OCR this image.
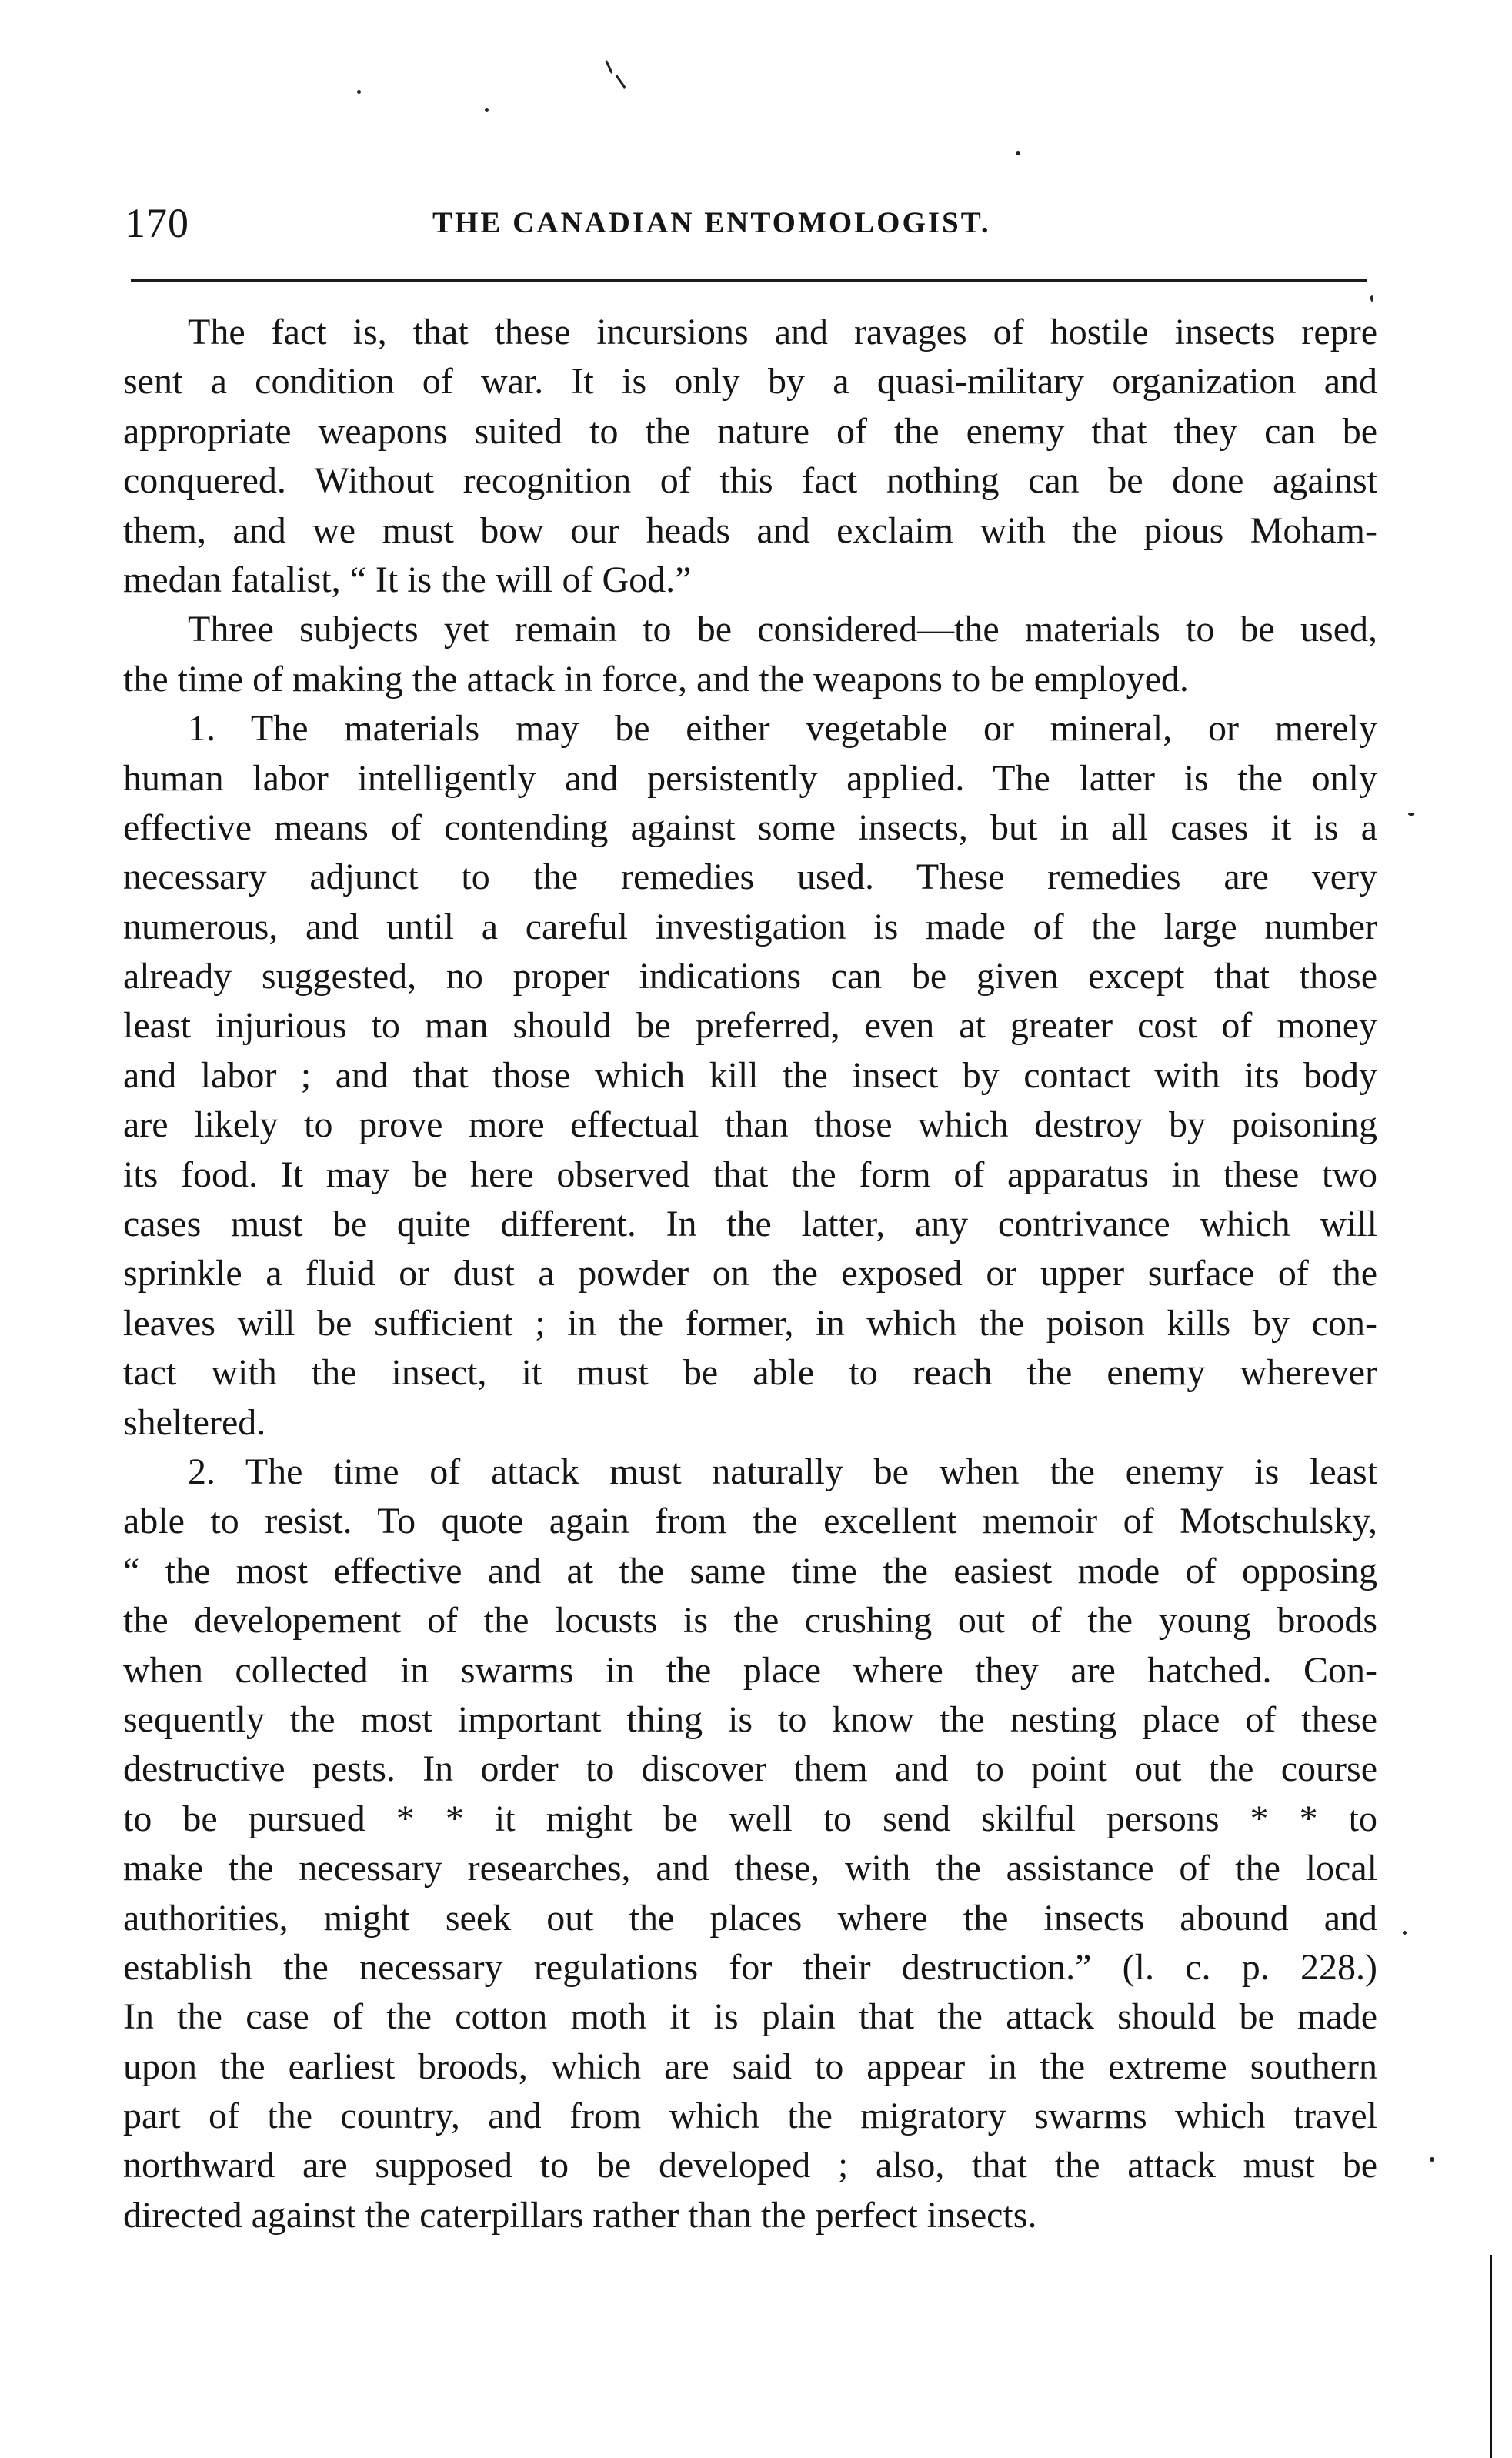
170	THE CANADIAN ENTOMOLOGIST.
The fact is, that these incursions and ravages of hostile insects repre
sent a condition of war. It is only by a quasi-military organization and
appropriate weapons suited to the nature of the enemy that they can be
conquered. Without recognition of this fact nothing can be done against
them, and we must bow our heads and exclaim with the pious Moham-
medan fatalist, “ It is the will of God.”
Three subjects yet remain to be considered—the materials to be used,
the time of making the attack in force, and the weapons to be employed.
1. The materials may be either vegetable or mineral, or merely
human labor intelligently and persistently applied. The latter is the only
effective means of contending against some insects, but in all cases it is a
necessary adjunct to the remedies used. These remedies are very
numerous, and until a careful investigation is made of the large number
already suggested, no proper indications can be given except that those
least injurious to man should be preferred, even at greater cost of money
and labor ; and that those which kill the insect by contact with its body
are likely to prove more effectual than those which destroy by poisoning
its food. It may be here observed that the form of apparatus in these two
cases must be quite different. In the latter, any contrivance which will
sprinkle a fluid or dust a powder on the exposed or upper surface of the
leaves will be sufficient ; in the former, in which the poison kills by con-
tact with the insect, it must be able to reach the enemy wherever
sheltered.
2. The time of attack must naturally be when the enemy is least
able to resist. To quote again from the excellent memoir of Motschulsky,
“ the most effective and at the same time the easiest mode of opposing
the developement of the locusts is the crushing out of the young broods
when collected in swarms in the place where they are hatched. Con-
sequently the most important thing is to know the nesting place of these
destructive pests. In order to discover them and to point out the course
to be pursued * * it might be well to send skilful persons * * to
make the necessary researches, and these, with the assistance of the local
authorities, might seek out the places where the insects abound and
establish the necessary regulations for their destruction.” (l. c. p. 228.)
In the case of the cotton moth it is plain that the attack should be made
upon the earliest broods, which are said to appear in the extreme southern
part of the country, and from which the migratory swarms which travel
northward are supposed to be developed ; also, that the attack must be
directed against the caterpillars rather than the perfect insects.
